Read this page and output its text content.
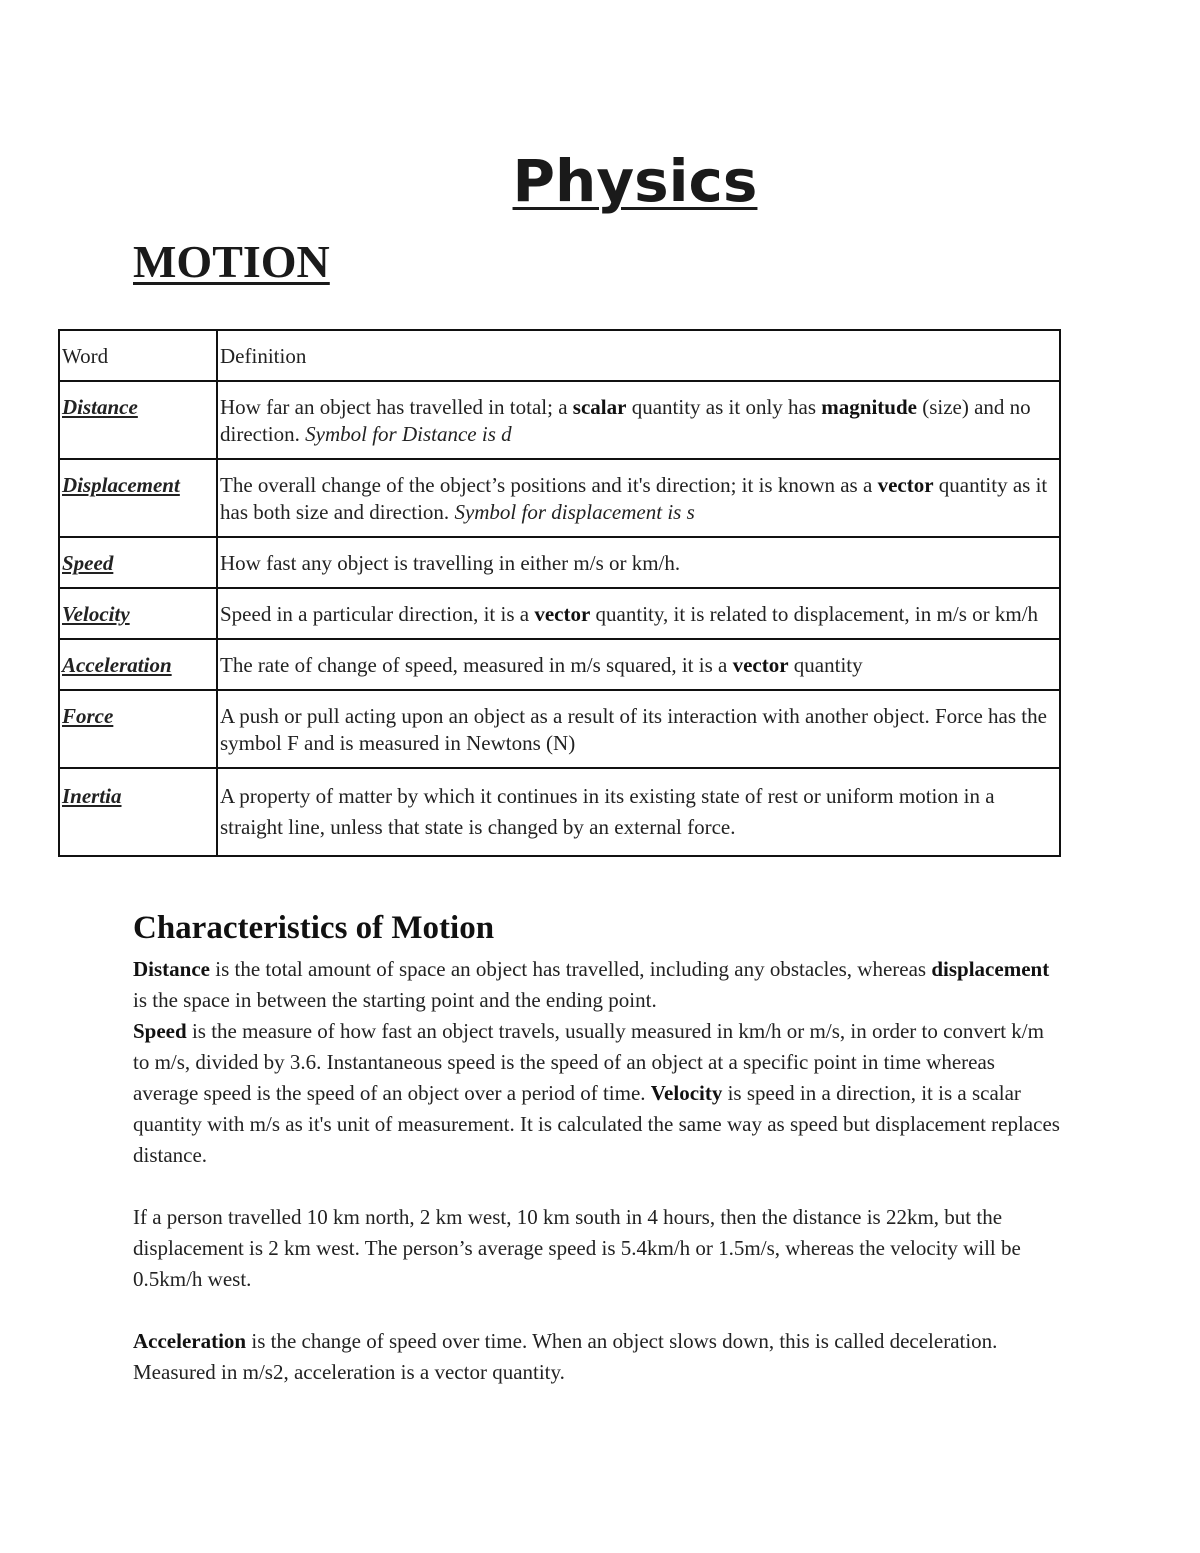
Physics
MOTION
Word	Definition
Distance	How far an object has travelled in total; a scalar quantity as it only has magnitude (size) and no direction. Symbol for Distance is d
Displacement	The overall change of the object’s positions and it's direction; it is known as a vector quantity as it has both size and direction. Symbol for displacement is s
Speed	How fast any object is travelling in either m/s or km/h.
Velocity	Speed in a particular direction, it is a vector quantity, it is related to displacement, in m/s or km/h
Acceleration	The rate of change of speed, measured in m/s squared, it is a vector quantity
Force	A push or pull acting upon an object as a result of its interaction with another object. Force has the symbol F and is measured in Newtons (N)
Inertia	A property of matter by which it continues in its existing state of rest or uniform motion in a straight line, unless that state is changed by an external force.
Characteristics of Motion

Distance is the total amount of space an object has travelled, including any obstacles, whereas displacement is the space in between the starting point and the ending point.
Speed is the measure of how fast an object travels, usually measured in km/h or m/s, in order to convert k/m to m/s, divided by 3.6. Instantaneous speed is the speed of an object at a specific point in time whereas average speed is the speed of an object over a period of time. Velocity is speed in a direction, it is a scalar quantity with m/s as it's unit of measurement. It is calculated the same way as speed but displacement replaces distance.

If a person travelled 10 km north, 2 km west, 10 km south in 4 hours, then the distance is 22km, but the displacement is 2 km west. The person’s average speed is 5.4km/h or 1.5m/s, whereas the velocity will be 0.5km/h west.

Acceleration is the change of speed over time. When an object slows down, this is called deceleration. Measured in m/s2, acceleration is a vector quantity.
